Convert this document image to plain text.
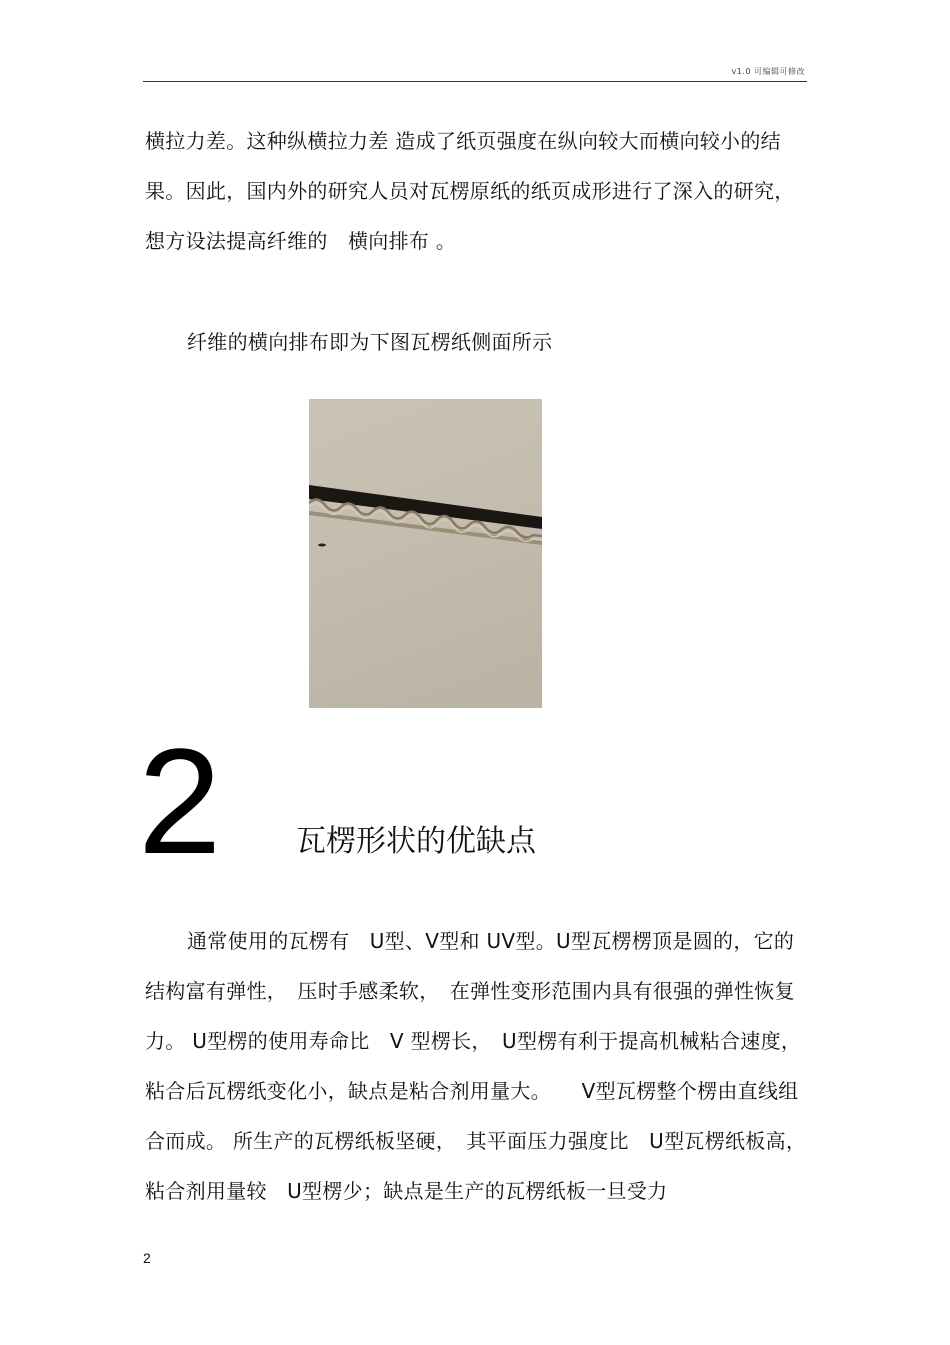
v1.0 可编辑可修改

横拉力差。这种纵横拉力差 造成了纸页强度在纵向较大而横向较小的结果。因此，国内外的研究人员对瓦楞原纸的纸页成形进行了深入的研究，想方设法提高纤维的　横向排布 。

纤维的横向排布即为下图瓦楞纸侧面所示

2 瓦楞形状的优缺点

通常使用的瓦楞有　U型、V型和 UV型。U型瓦楞楞顶是圆的，它的结构富有弹性，　压时手感柔软，　在弹性变形范围内具有很强的弹性恢复力。 U型楞的使用寿命比　V 型楞长，　U型楞有利于提高机械粘合速度，粘合后瓦楞纸变化小，缺点是粘合剂用量大。　　V型瓦楞整个楞由直线组合而成。 所生产的瓦楞纸板坚硬，　其平面压力强度比　U型瓦楞纸板高，　粘合剂用量较　U型楞少；缺点是生产的瓦楞纸板一旦受力

2
